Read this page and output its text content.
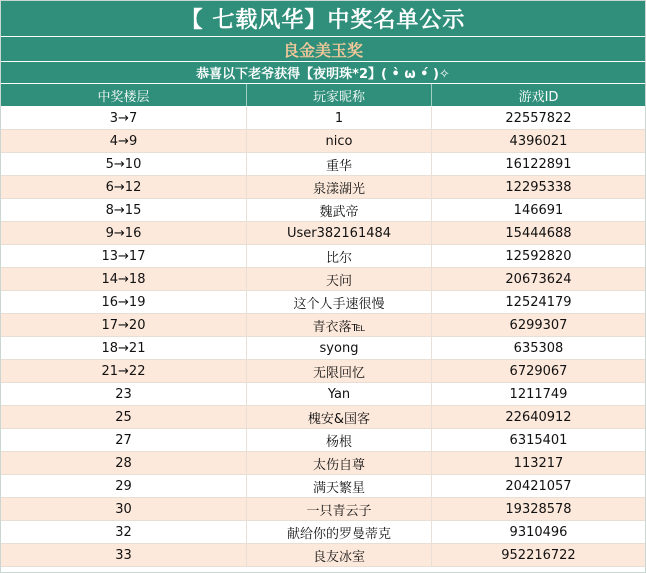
【 七载风华】中奖名单公示
良金美玉奖
恭喜以下老爷获得【夜明珠*2】( •̀ ω •́ )✧
中奖楼层	玩家昵称	游戏ID
3→7	1	22557822
4→9	nico	4396021
5→10	重华	16122891
6→12	泉漾湖光	12295338
8→15	魏武帝	146691
9→16	User382161484	15444688
13→17	比尔	12592820
14→18	天问	20673624
16→19	这个人手速很慢	12524179
17→20	青衣落℡	6299307
18→21	syong	635308
21→22	无限回忆	6729067
23	Yan	1211749
25	槐安&国客	22640912
27	杨根	6315401
28	太伤自尊	113217
29	满天繁星	20421057
30	一只青云子	19328578
32	献给你的罗曼蒂克	9310496
33	良友冰室	952216722
